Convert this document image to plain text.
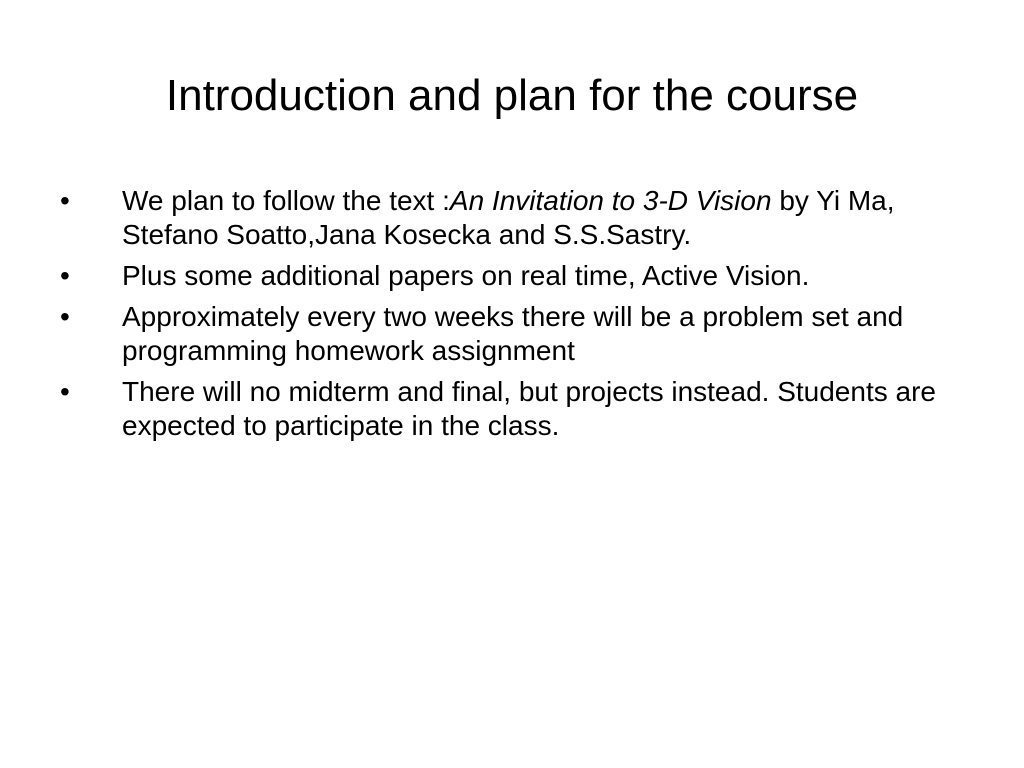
Introduction and plan for the course
•	We plan to follow the text :An Invitation to 3-D Vision by Yi Ma, Stefano Soatto,Jana Kosecka and S.S.Sastry.
•	Plus some additional papers on real time, Active Vision.
•	Approximately every two weeks there will be a problem set and programming homework assignment
•	There will no midterm and final, but projects instead. Students are expected to participate in the class.
